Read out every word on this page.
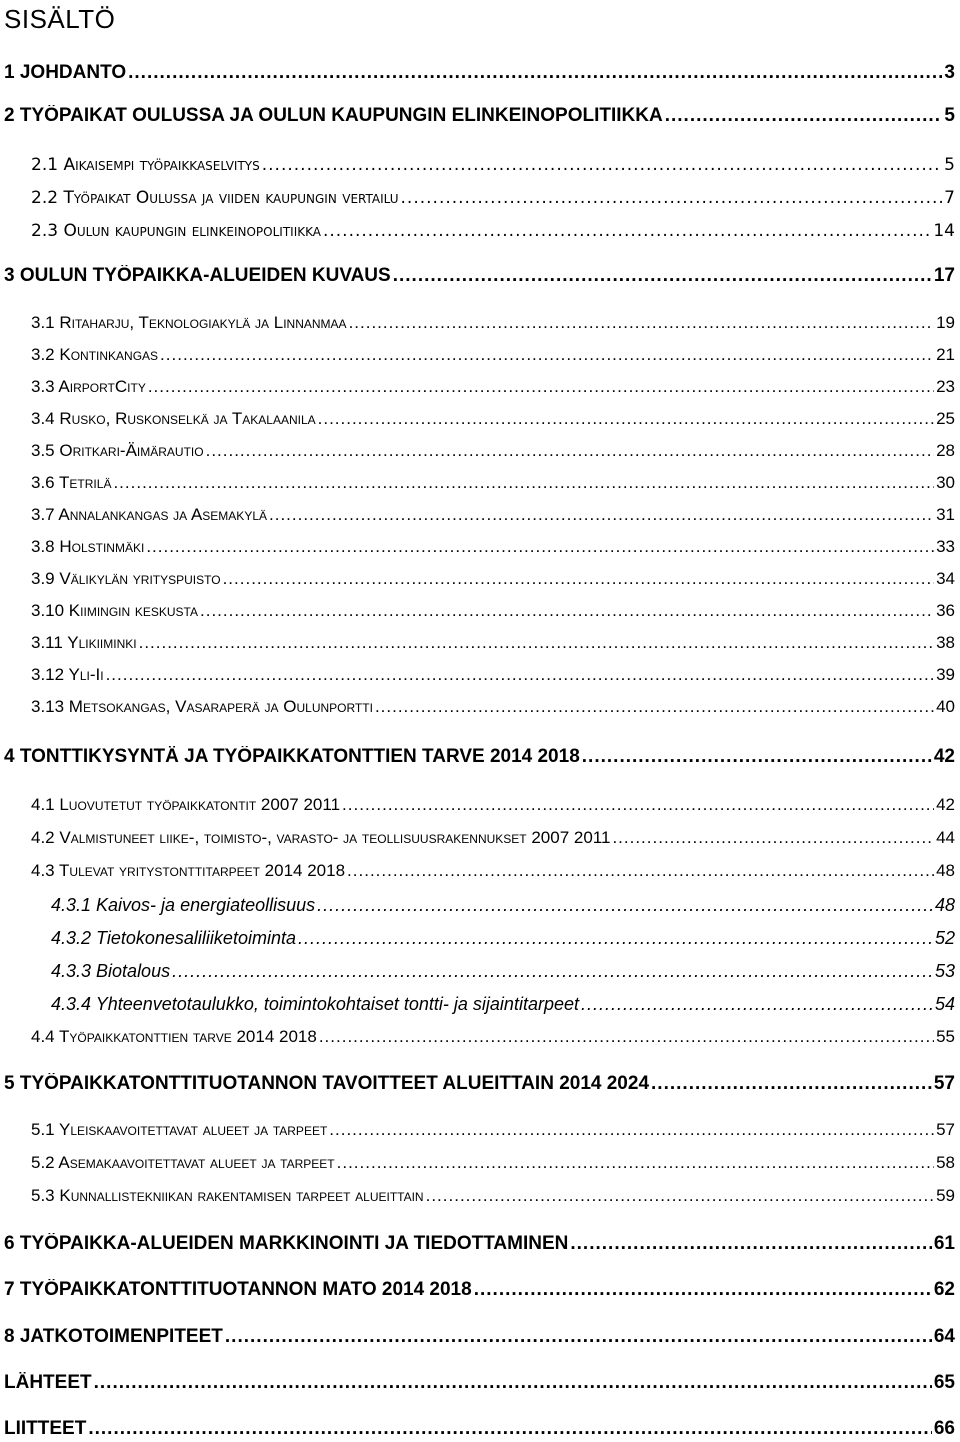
SISÄLTÖ
1 JOHDANTO .....	3
2 TYÖPAIKAT OULUSSA JA OULUN KAUPUNGIN ELINKEINOPOLITIIKKA .....	5
2.1 Aikaisempi työpaikkaselvitys .....	5
2.2 Työpaikat Oulussa ja viiden kaupungin vertailu .....	7
2.3 Oulun kaupungin elinkeinopolitiikka .....	14
3 OULUN TYÖPAIKKA-ALUEIDEN KUVAUS .....	17
3.1 Ritaharju, Teknologiakylä ja Linnanmaa .....	19
3.2 Kontinkangas .....	21
3.3 AirportCity .....	23
3.4 Rusko, Ruskonselkä ja Takalaanila .....	25
3.5 Oritkari-Äimärautio .....	28
3.6 Tetrilä .....	30
3.7 Annalankangas ja Asemakylä .....	31
3.8 Holstinmäki .....	33
3.9 Välikylän yrityspuisto .....	34
3.10 Kiimingin keskusta .....	36
3.11 Ylikiiminki .....	38
3.12 Yli-Ii .....	39
3.13 Metsokangas, Vasaraperä ja Oulunportti .....	40
4 TONTTIKYSYNTÄ JA TYÖPAIKKATONTTIEN TARVE 2014 2018 .....	42
4.1 Luovutetut työpaikkatontit 2007 2011 .....	42
4.2 Valmistuneet liike-, toimisto-, varasto- ja teollisuusrakennukset 2007 2011 .....	44
4.3 Tulevat yritystonttitarpeet 2014 2018 .....	48
4.3.1 Kaivos- ja energiateollisuus .....	48
4.3.2 Tietokonesaliliiketoiminta .....	52
4.3.3 Biotalous .....	53
4.3.4 Yhteenvetotaulukko, toimintokohtaiset tontti- ja sijaintitarpeet .....	54
4.4 Työpaikkatonttien tarve 2014 2018 .....	55
5 TYÖPAIKKATONTTITUOTANNON TAVOITTEET ALUEITTAIN 2014 2024 .....	57
5.1 Yleiskaavoitettavat alueet ja tarpeet .....	57
5.2 Asemakaavoitettavat alueet ja tarpeet .....	58
5.3 Kunnallistekniikan rakentamisen tarpeet alueittain .....	59
6 TYÖPAIKKA-ALUEIDEN MARKKINOINTI JA TIEDOTTAMINEN .....	61
7 TYÖPAIKKATONTTITUOTANNON MATO 2014 2018 .....	62
8 JATKOTOIMENPITEET .....	64
LÄHTEET .....	65
LIITTEET .....	66
